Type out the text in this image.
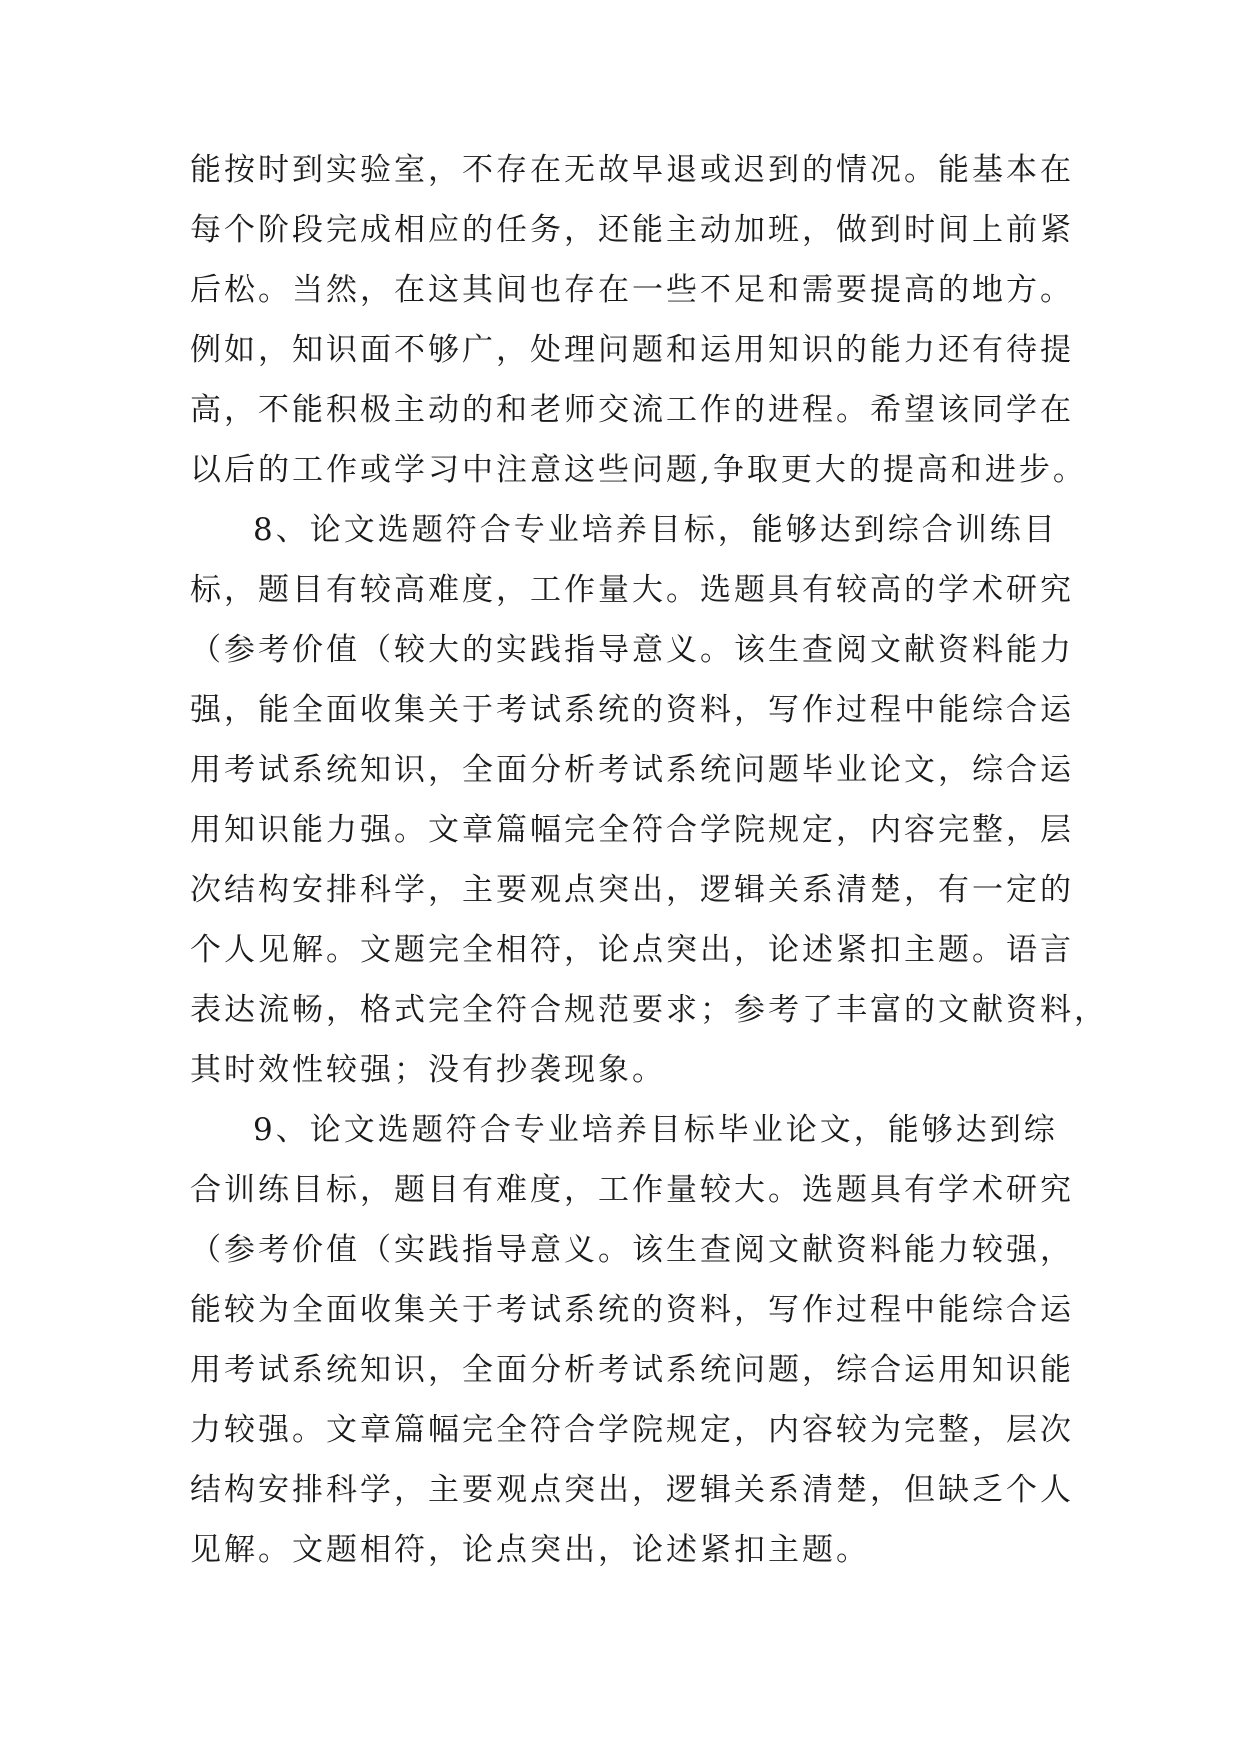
能按时到实验室，不存在无故早退或迟到的情况。能基本在
每个阶段完成相应的任务，还能主动加班，做到时间上前紧
后松。当然，在这其间也存在一些不足和需要提高的地方。
例如，知识面不够广，处理问题和运用知识的能力还有待提
高，不能积极主动的和老师交流工作的进程。希望该同学在
以后的工作或学习中注意这些问题,争取更大的提高和进步。
8、论文选题符合专业培养目标，能够达到综合训练目
标，题目有较高难度，工作量大。选题具有较高的学术研究
（参考价值（较大的实践指导意义。该生查阅文献资料能力
强，能全面收集关于考试系统的资料，写作过程中能综合运
用考试系统知识，全面分析考试系统问题毕业论文，综合运
用知识能力强。文章篇幅完全符合学院规定，内容完整，层
次结构安排科学，主要观点突出，逻辑关系清楚，有一定的
个人见解。文题完全相符，论点突出，论述紧扣主题。语言
表达流畅，格式完全符合规范要求；参考了丰富的文献资料，
其时效性较强；没有抄袭现象。
9、论文选题符合专业培养目标毕业论文，能够达到综
合训练目标，题目有难度，工作量较大。选题具有学术研究
（参考价值（实践指导意义。该生查阅文献资料能力较强，
能较为全面收集关于考试系统的资料，写作过程中能综合运
用考试系统知识，全面分析考试系统问题，综合运用知识能
力较强。文章篇幅完全符合学院规定，内容较为完整，层次
结构安排科学，主要观点突出，逻辑关系清楚，但缺乏个人
见解。文题相符，论点突出，论述紧扣主题。
